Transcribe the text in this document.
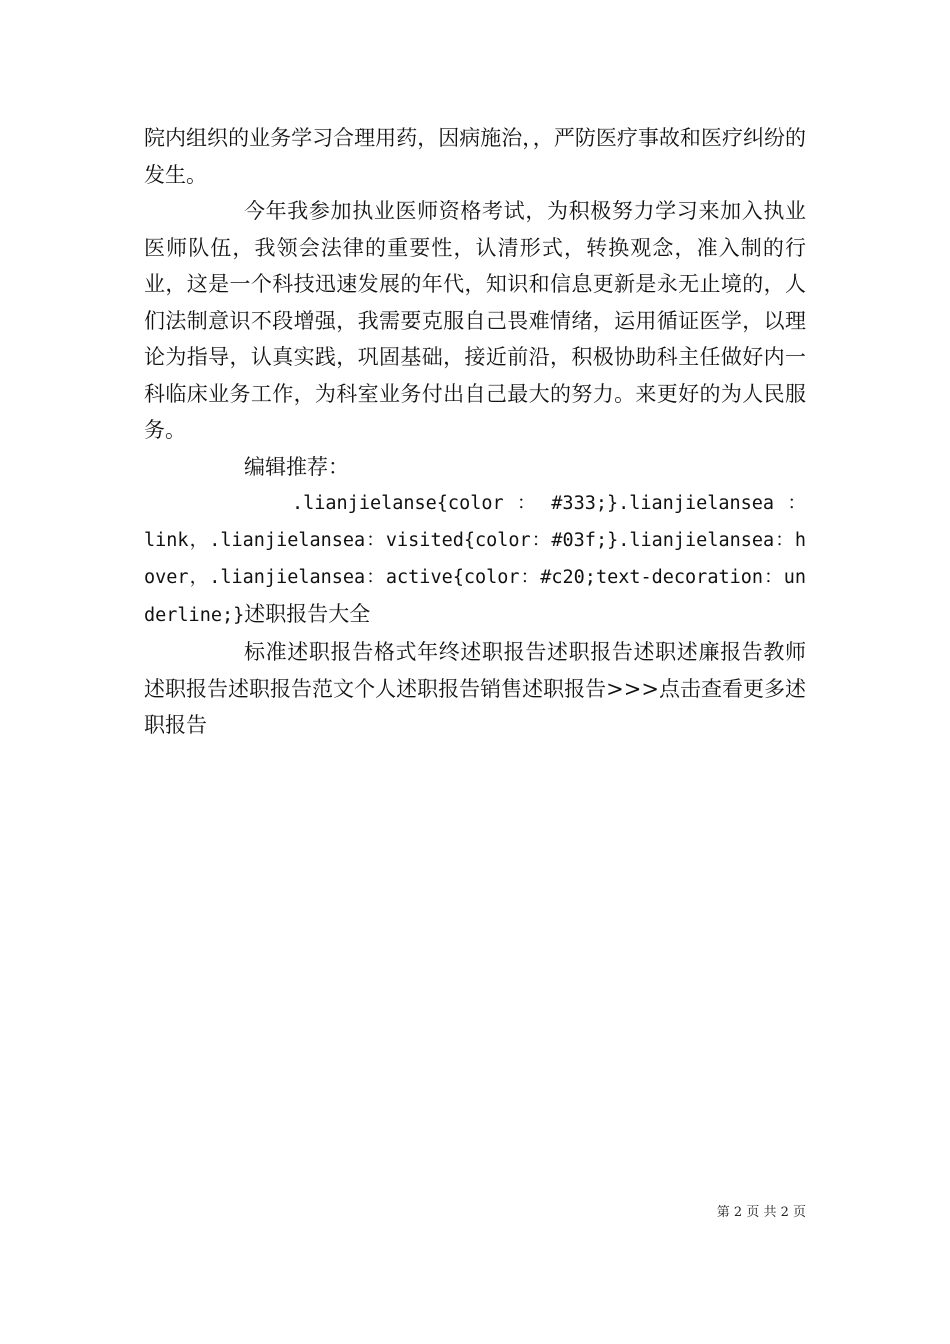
院内组织的业务学习合理用药，因病施治，，严防医疗事故和医疗纠纷的发生。

今年我参加执业医师资格考试，为积极努力学习来加入执业医师队伍，我领会法律的重要性，认清形式，转换观念，准入制的行业，这是一个科技迅速发展的年代，知识和信息更新是永无止境的，人们法制意识不段增强，我需要克服自己畏难情绪，运用循证医学，以理论为指导，认真实践，巩固基础，接近前沿，积极协助科主任做好内一科临床业务工作，为科室业务付出自己最大的努力。来更好的为人民服务。

编辑推荐：

.lianjielanse{color ： #333;}.lianjielansea ：link，.lianjielansea：visited{color：#03f;}.lianjielansea：hover，.lianjielansea：active{color：#c20;text-decoration：underline;}述职报告大全

标准述职报告格式年终述职报告述职报告述职述廉报告教师述职报告述职报告范文个人述职报告销售述职报告>>>点击查看更多述职报告

第 2 页 共 2 页
